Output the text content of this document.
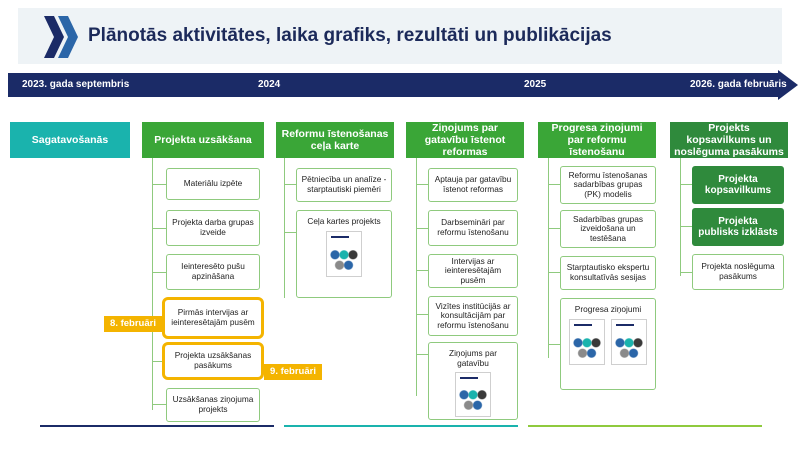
Plānotās aktivitātes, laika grafiks, rezultāti un publikācijas
2023. gada septembris	2024	2025	2026. gada februāris
Sagatavošanās	Projekta uzsākšana
Materiālu izpēte
Projekta darba grupas izveide
Ieinteresēto pušu apzināšana
Pirmās intervijas ar ieinteresētajām pusēm
Projekta uzsākšanas pasākums
Uzsākšanas ziņojuma projekts
8. februāri
9. februāri
Reformu īstenošanas ceļa karte
Pētniecība un analīze - starptautiski piemēri
Ceļa kartes projekts
Ziņojums par gatavību īstenot reformas
Aptauja par gatavību īstenot reformas
Darbsemināri par reformu īstenošanu
Intervijas ar ieinteresētajām pusēm
Vizītes institūcijās ar konsultācijām par reformu īstenošanu
Ziņojums par gatavību
Progresa ziņojumi par reformu īstenošanu
Reformu īstenošanas sadarbības grupas (PK) modelis
Sadarbības grupas izveidošana un testēšana
Starptautisko ekspertu konsultatīvās sesijas
Progresa ziņojumi
Projekts kopsavilkums un noslēguma pasākums
Projekta kopsavilkums
Projekta publisks izklāsts
Projekta noslēguma pasākums
